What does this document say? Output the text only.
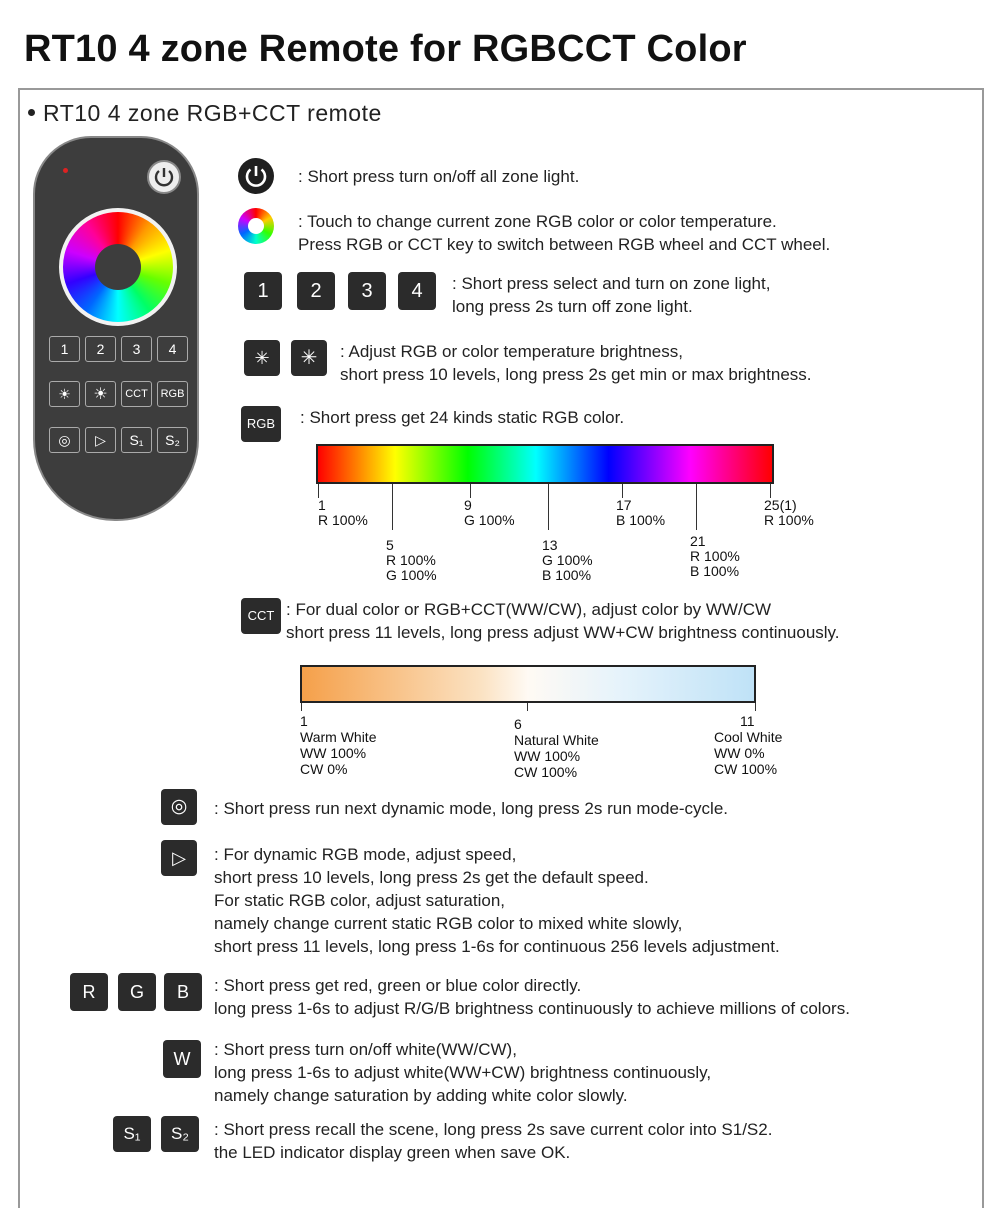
RT10 4 zone Remote for RGBCCT Color
RT10 4 zone RGB+CCT remote
1	2	3	4
☀	☀	CCT	RGB
◎	▷	S₁	S₂
: Short press turn on/off all zone light.
: Touch to change current zone RGB color or color temperature.
Press RGB or CCT key to switch between RGB wheel and CCT wheel.
1	2	3	4	: Short press select and turn on zone light,
long press 2s turn off zone light.
✳	✳	: Adjust RGB or color temperature brightness,
short press 10 levels, long press 2s get min or max brightness.
RGB	: Short press get 24 kinds static RGB color.
1
R 100%
5
R 100%
G 100%
9
G 100%
13
G 100%
B 100%
17
B 100%
21
R 100%
B 100%
25(1)
R 100%
CCT : For dual color or RGB+CCT(WW/CW), adjust color by WW/CW
short press 11 levels, long press adjust WW+CW brightness continuously.
1
Warm White
WW 100%
CW 0%
6
Natural White
WW 100%
CW 100%
11
Cool White
WW 0%
CW 100%
◎	: Short press run next dynamic mode, long press 2s run mode-cycle.
▷	: For dynamic RGB mode, adjust speed,
short press 10 levels, long press 2s get the default speed.
For static RGB color, adjust saturation,
namely change current static RGB color to mixed white slowly,
short press 11 levels, long press 1-6s for continuous 256 levels adjustment.
R	G	B	: Short press get red, green or blue color directly.
long press 1-6s to adjust R/G/B brightness continuously to achieve millions of colors.
W	: Short press turn on/off white(WW/CW),
long press 1-6s to adjust white(WW+CW) brightness continuously,
namely change saturation by adding white color slowly.
S₁	S₂	: Short press recall the scene, long press 2s save current color into S1/S2.
the LED indicator display green when save OK.
